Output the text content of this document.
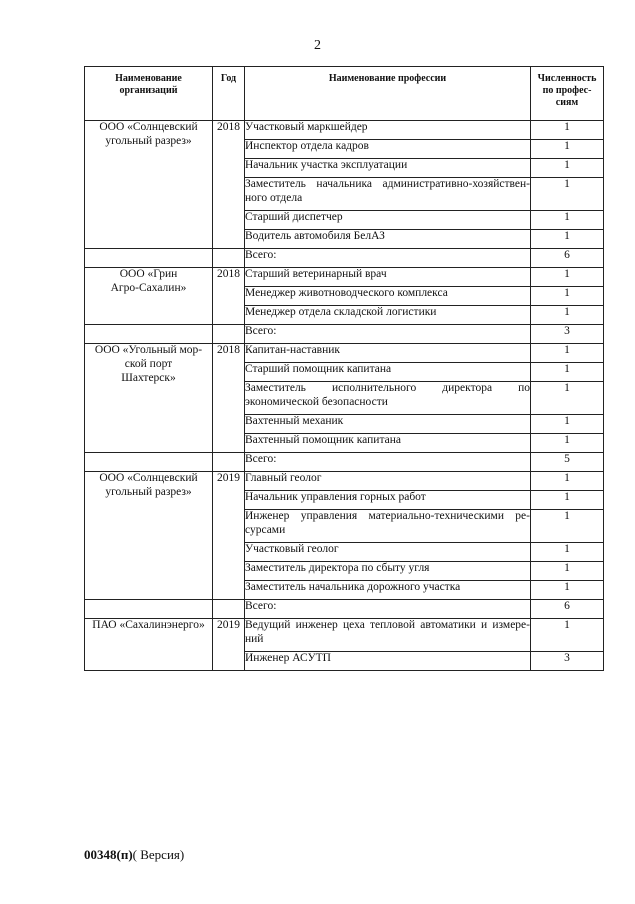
2
Наименование
организаций	Год	Наименование профессии	Численность
по профес-
сиям

ООО «Солнцевский
угольный разрез»	2018	Участковый маркшейдер	1

		Инспектор отдела кадров	1

		Начальник участка эксплуатации	1

		Заместитель начальника административно-хозяйствен-
ного отдела	1

		Старший диспетчер	1

		Водитель автомобиля БелАЗ	1
		Всего:	6

ООО «Грин
Агро-Сахалин»	2018	Старший ветеринарный врач	1

		Менеджер животноводческого комплекса	1

		Менеджер отдела складской логистики	1
		Всего:	3

ООО «Угольный мор-
ской порт
Шахтерск»	2018	Капитан-наставник	1

		Старший помощник капитана	1

		Заместитель исполнительного директора по
экономической безопасности	1

		Вахтенный механик	1

		Вахтенный помощник капитана	1
		Всего:	5

ООО «Солнцевский
угольный разрез»	2019	Главный геолог	1

		Начальник управления горных работ	1

		Инженер управления материально-техническими ре-
сурсами	1

		Участковый геолог	1

		Заместитель директора по сбыту угля	1

		Заместитель начальника дорожного участка	1
		Всего:	6

ПАО «Сахалинэнерго»	2019	Ведущий инженер цеха тепловой автоматики и измере-
ний	1

		Инженер АСУТП	3
00348(п)( Версия)
